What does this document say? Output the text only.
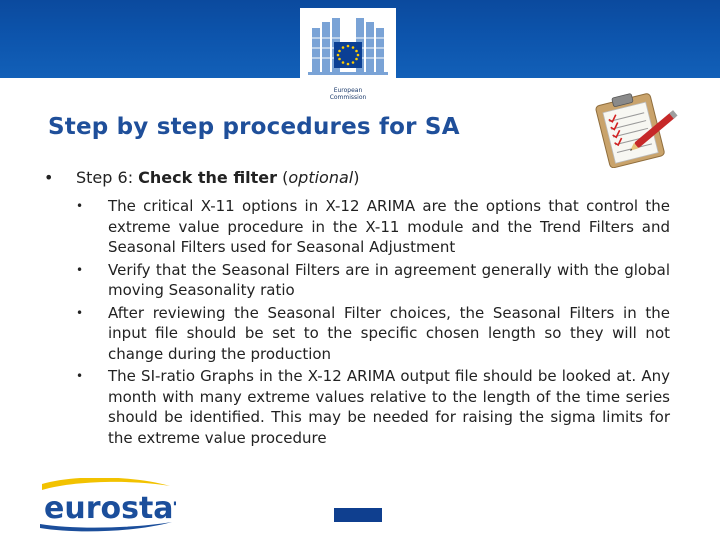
European
Commission
Step by step procedures for SA
• Step 6: Check the filter (optional)
• The critical X-11 options in X-12 ARIMA are the options that control the extreme value procedure in the X-11 module and the Trend Filters and Seasonal Filters used for Seasonal Adjustment
• Verify that the Seasonal Filters are in agreement generally with the global moving Seasonality ratio
• After reviewing the Seasonal Filter choices, the Seasonal Filters in the input file should be set to the specific chosen length so they will not change during the production
• The SI-ratio Graphs in the X-12 ARIMA output file should be looked at. Any month with many extreme values relative to the length of the time series should be identified. This may be needed for raising the sigma limits for the extreme value procedure
eurostat
